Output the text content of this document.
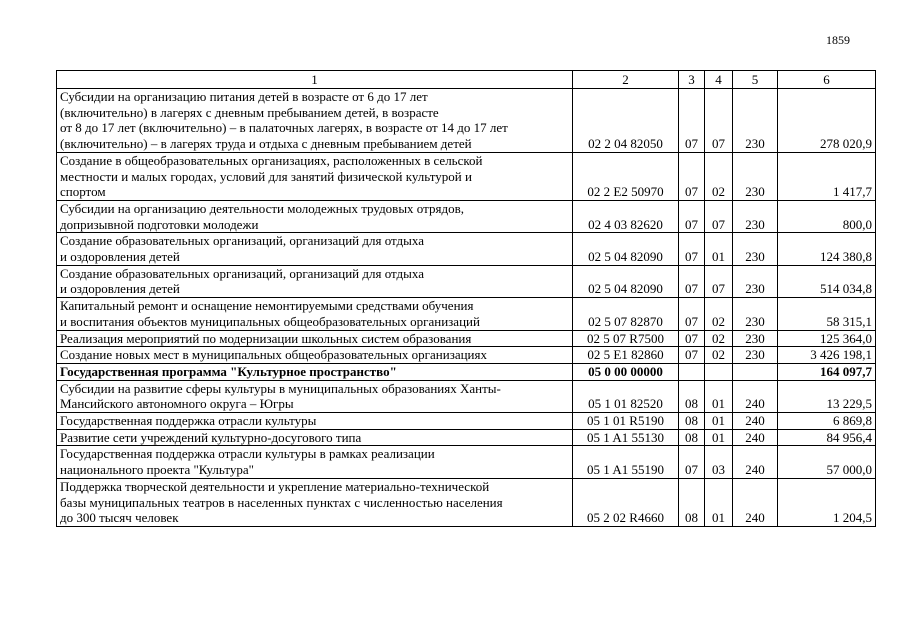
1859
1	2	3	4	5	6

Субсидии на организацию питания детей в возрасте от 6 до 17 лет
(включительно) в лагерях с дневным пребыванием детей, в возрасте
от 8 до 17 лет (включительно) – в палаточных лагерях, в возрасте от 14 до 17 лет
(включительно) – в лагерях труда и отдыха с дневным пребыванием детей	02 2 04 82050	07	07	230	278 020,9

Создание в общеобразовательных организациях, расположенных в сельской
местности и малых городах, условий для занятий физической культурой и
спортом	02 2 E2 50970	07	02	230	1 417,7

Субсидии на организацию деятельности молодежных трудовых отрядов,
допризывной подготовки молодежи	02 4 03 82620	07	07	230	800,0

Создание образовательных организаций, организаций для отдыха
и оздоровления детей	02 5 04 82090	07	01	230	124 380,8

Создание образовательных организаций, организаций для отдыха
и оздоровления детей	02 5 04 82090	07	07	230	514 034,8

Капитальный ремонт и оснащение немонтируемыми средствами обучения
и воспитания объектов муниципальных общеобразовательных организаций	02 5 07 82870	07	02	230	58 315,1

Реализация мероприятий по модернизации школьных систем образования	02 5 07 R7500	07	02	230	125 364,0

Создание новых мест в муниципальных общеобразовательных организациях	02 5 E1 82860	07	02	230	3 426 198,1

Государственная программа "Культурное пространство"	05 0 00 00000				164 097,7

Субсидии на развитие сферы культуры в муниципальных образованиях Ханты-
Мансийского автономного округа – Югры	05 1 01 82520	08	01	240	13 229,5

Государственная поддержка отрасли культуры	05 1 01 R5190	08	01	240	6 869,8

Развитие сети учреждений культурно-досугового типа	05 1 A1 55130	08	01	240	84 956,4

Государственная поддержка отрасли культуры в рамках реализации
национального проекта "Культура"	05 1 A1 55190	07	03	240	57 000,0

Поддержка творческой деятельности и укрепление материально-технической
базы муниципальных театров в населенных пунктах с численностью населения
до 300 тысяч человек	05 2 02 R4660	08	01	240	1 204,5
